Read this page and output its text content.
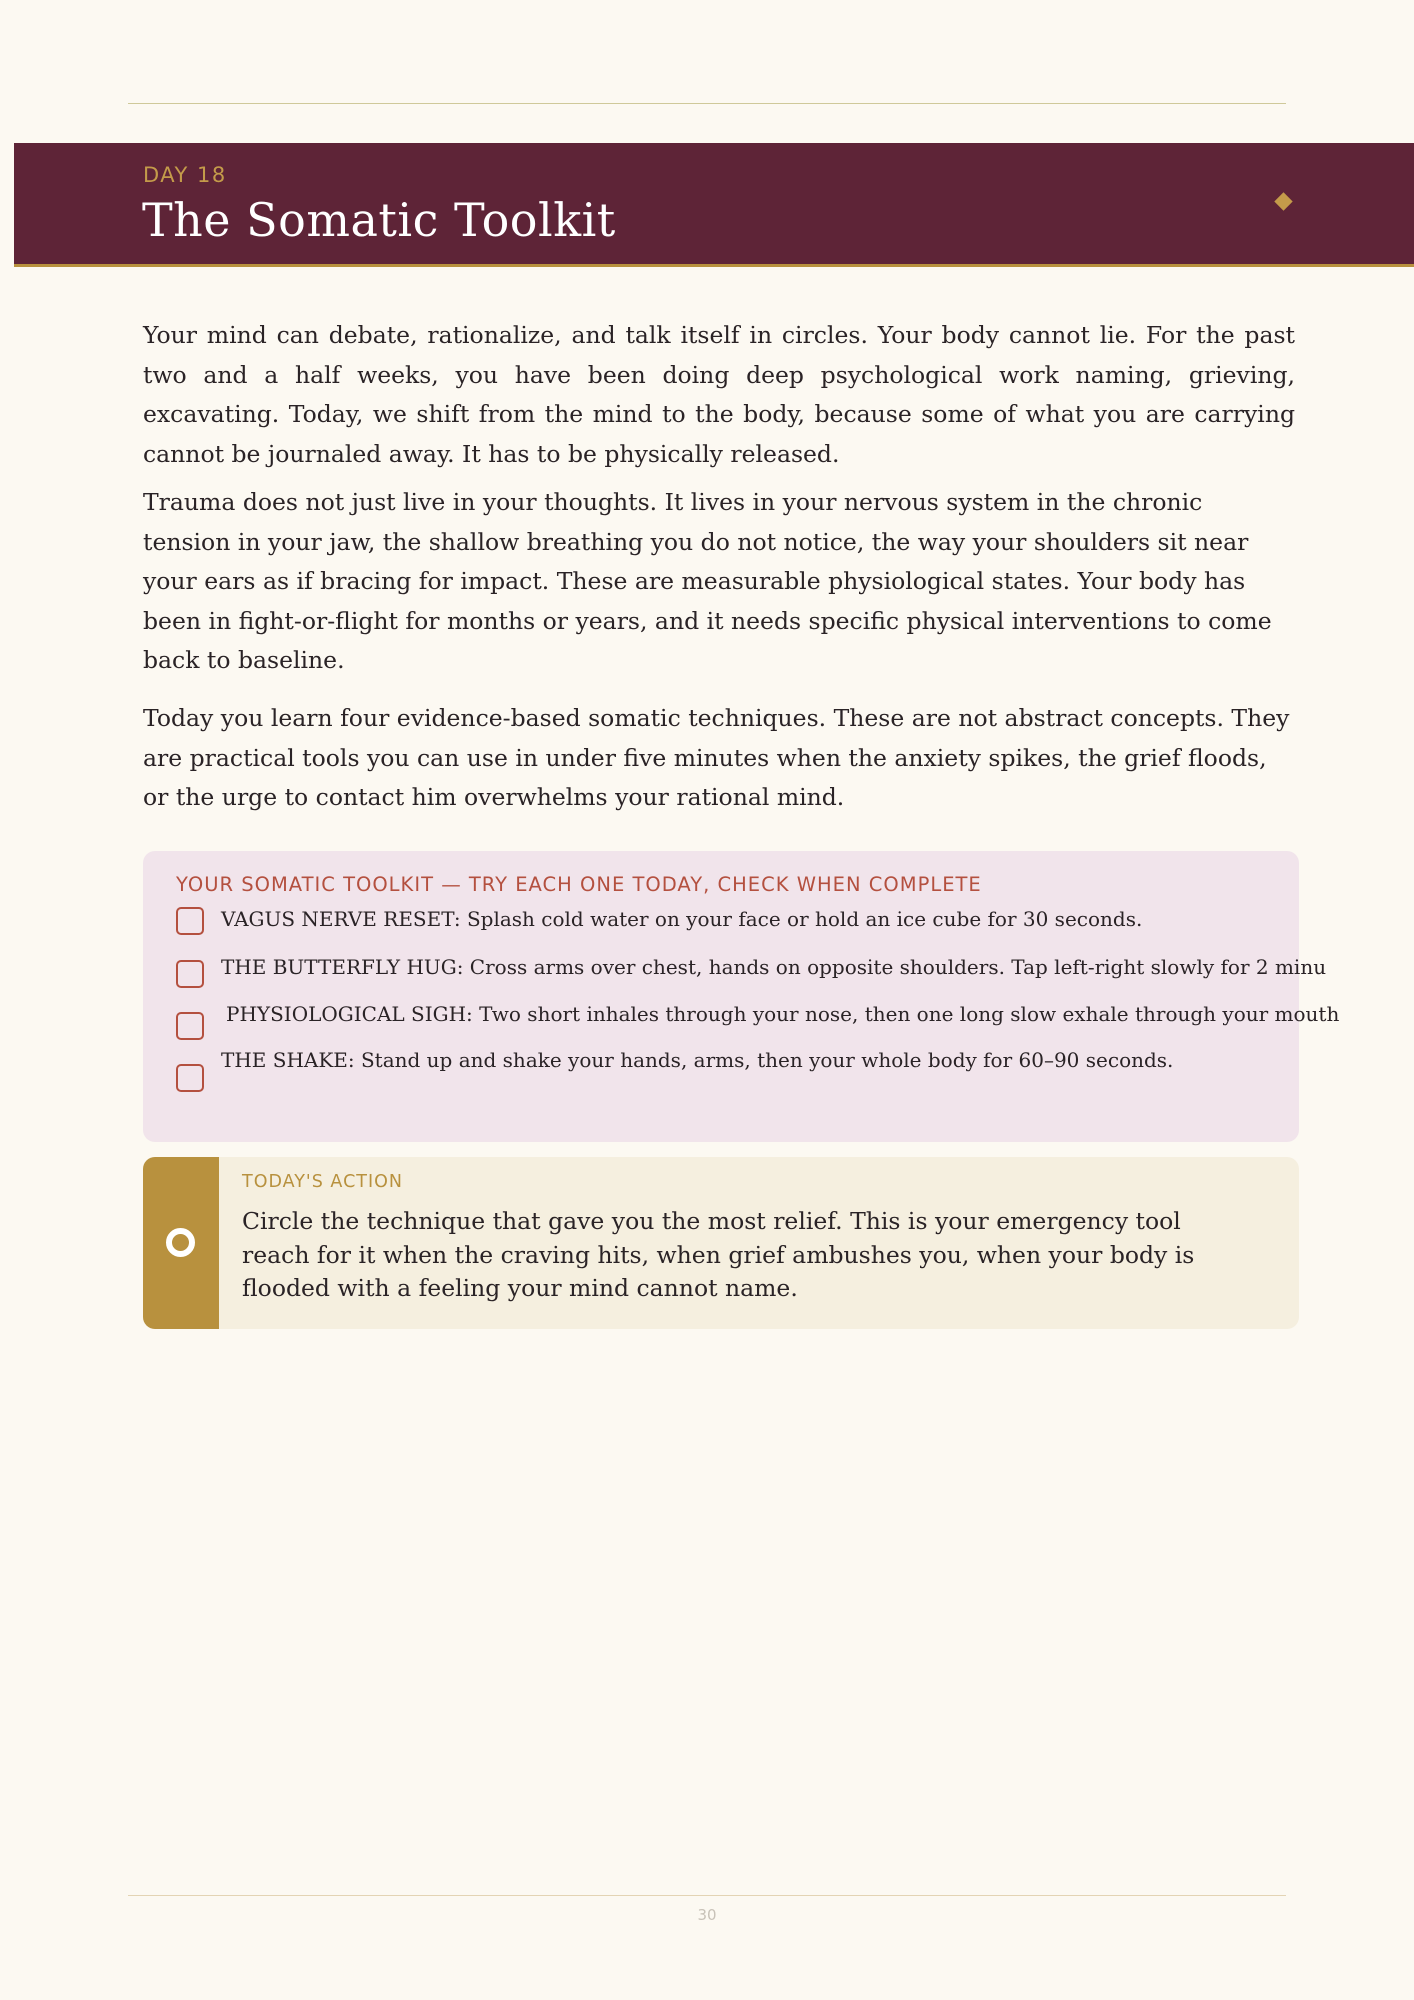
DAY 18
The Somatic Toolkit

Your mind can debate, rationalize, and talk itself in circles. Your body cannot lie. For the past two and a half weeks, you have been doing deep psychological work naming, grieving, excavating. Today, we shift from the mind to the body, because some of what you are carrying cannot be journaled away. It has to be physically released.

Trauma does not just live in your thoughts. It lives in your nervous system in the chronic tension in your jaw, the shallow breathing you do not notice, the way your shoulders sit near your ears as if bracing for impact. These are measurable physiological states. Your body has been in fight-or-flight for months or years, and it needs specific physical interventions to come back to baseline.

Today you learn four evidence-based somatic techniques. These are not abstract concepts. They are practical tools you can use in under five minutes when the anxiety spikes, the grief floods, or the urge to contact him overwhelms your rational mind.

YOUR SOMATIC TOOLKIT — TRY EACH ONE TODAY, CHECK WHEN COMPLETE
VAGUS NERVE RESET: Splash cold water on your face or hold an ice cube for 30 seconds.
THE BUTTERFLY HUG: Cross arms over chest, hands on opposite shoulders. Tap left-right slowly for 2 minu
PHYSIOLOGICAL SIGH: Two short inhales through your nose, then one long slow exhale through your mouth
THE SHAKE: Stand up and shake your hands, arms, then your whole body for 60–90 seconds.
TODAY'S ACTION
Circle the technique that gave you the most relief. This is your emergency tool reach for it when the craving hits, when grief ambushes you, when your body is flooded with a feeling your mind cannot name.
30
